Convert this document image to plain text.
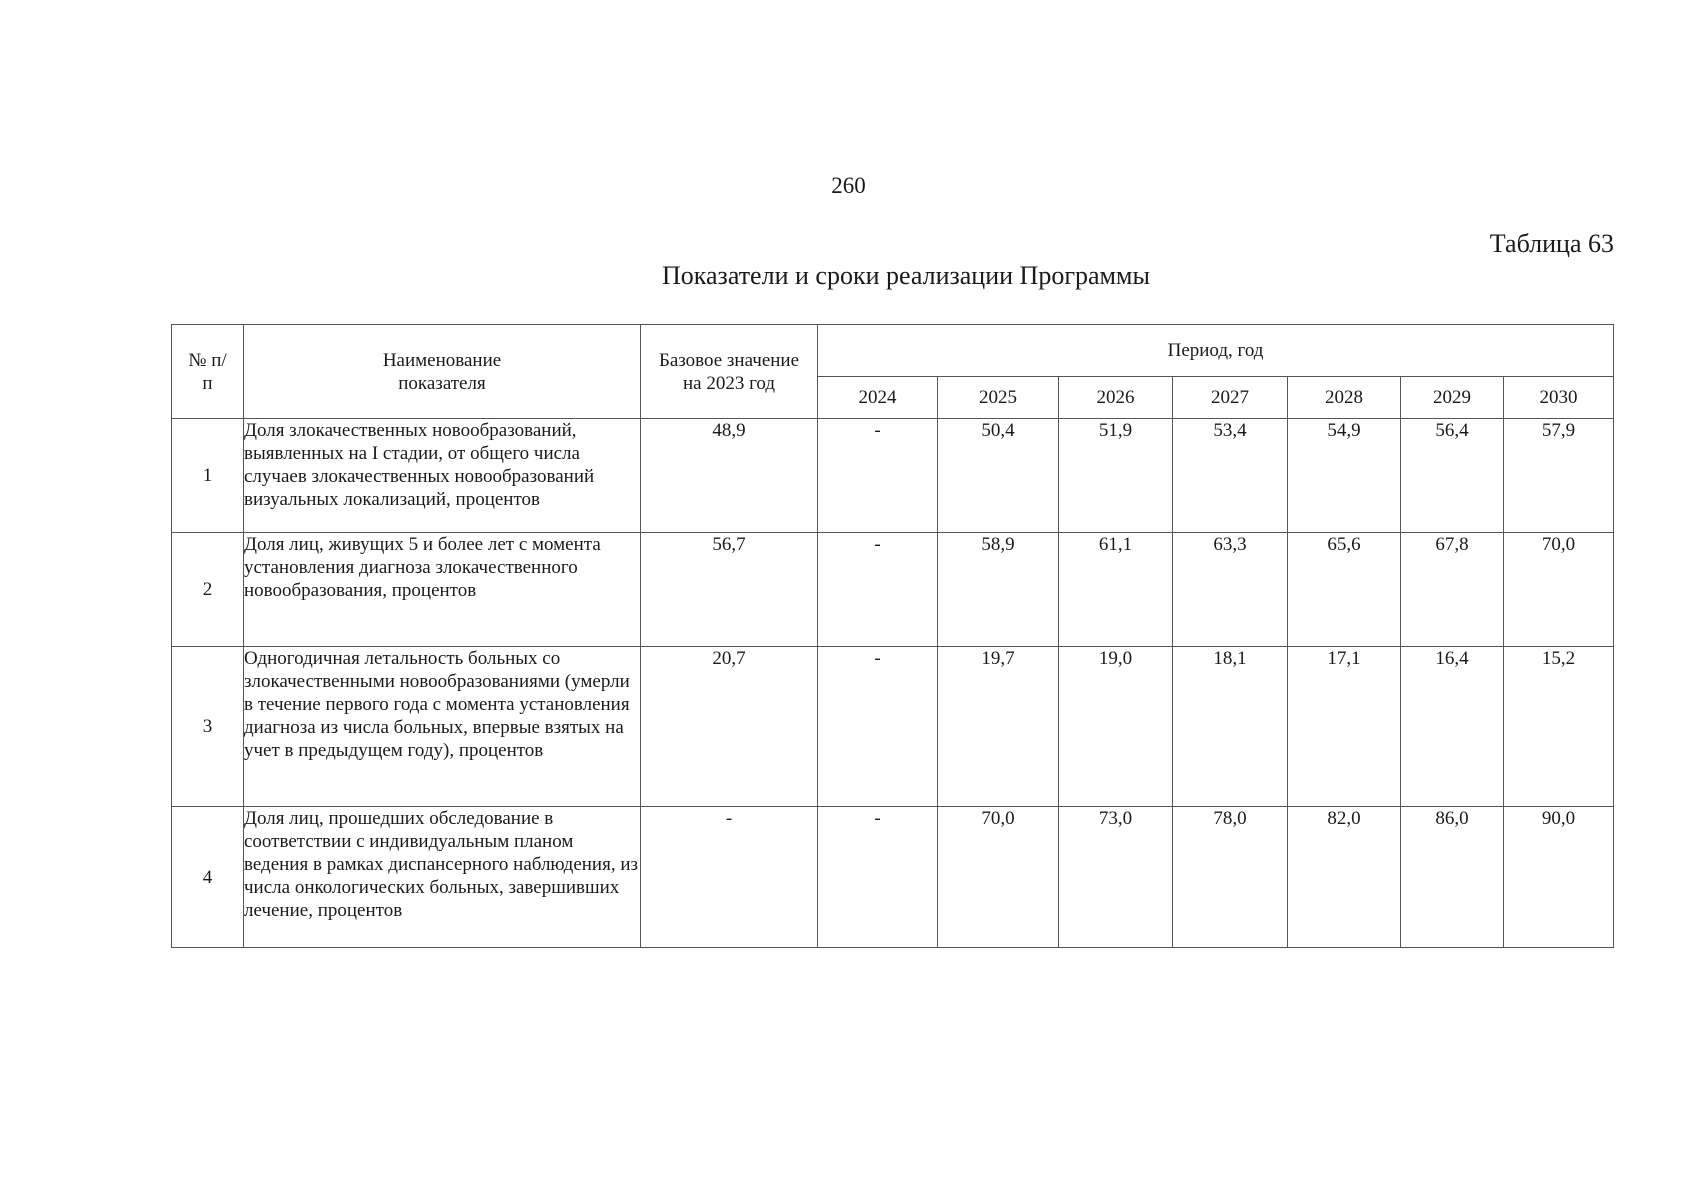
260
Таблица 63
Показатели и сроки реализации Программы
№ п/п	Наименование показателя	Базовое значение на 2023 год	Период, год						
			2024	2025	2026	2027	2028	2029	2030
1	Доля злокачественных новообразований, выявленных на I стадии, от общего числа случаев злокачественных новообразований визуальных локализаций, процентов	48,9	-	50,4	51,9	53,4	54,9	56,4	57,9
2	Доля лиц, живущих 5 и более лет с момента установления диагноза злокачественного новообразования, процентов	56,7	-	58,9	61,1	63,3	65,6	67,8	70,0
3	Одногодичная летальность больных со злокачественными новообразованиями (умерли в течение первого года с момента установления диагноза из числа больных, впервые взятых на учет в предыдущем году), процентов	20,7	-	19,7	19,0	18,1	17,1	16,4	15,2
4	Доля лиц, прошедших обследование в соответствии с индивидуальным планом ведения в рамках диспансерного наблюдения, из числа онкологических больных, завершивших лечение, процентов	-	-	70,0	73,0	78,0	82,0	86,0	90,0
